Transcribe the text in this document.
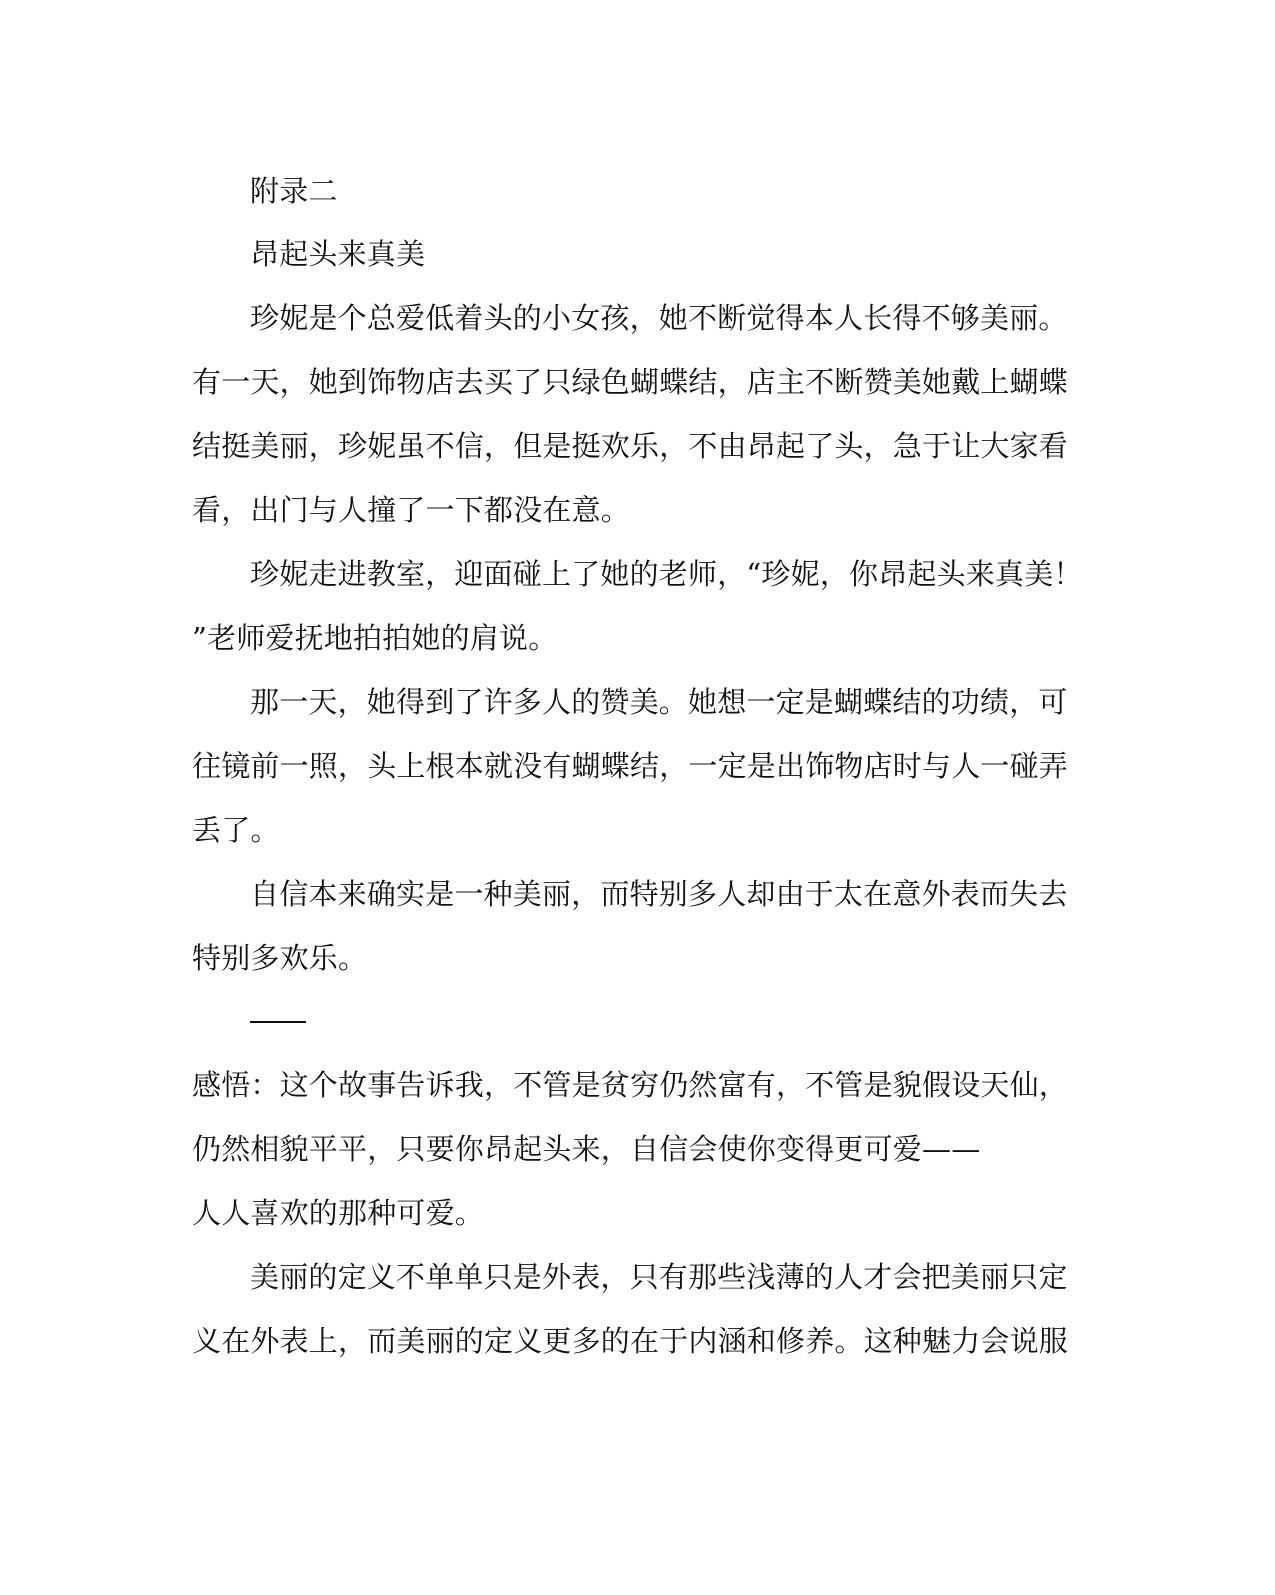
附录二
昂起头来真美
珍妮是个总爱低着头的小女孩，她不断觉得本人长得不够美丽。
有一天，她到饰物店去买了只绿色蝴蝶结，店主不断赞美她戴上蝴蝶
结挺美丽，珍妮虽不信，但是挺欢乐，不由昂起了头，急于让大家看
看，出门与人撞了一下都没在意。
珍妮走进教室，迎面碰上了她的老师，“珍妮，你昂起头来真美！
”老师爱抚地拍拍她的肩说。
那一天，她得到了许多人的赞美。她想一定是蝴蝶结的功绩，可
往镜前一照，头上根本就没有蝴蝶结，一定是出饰物店时与人一碰弄
丢了。
自信本来确实是一种美丽，而特别多人却由于太在意外表而失去
特别多欢乐。
感悟：这个故事告诉我，不管是贫穷仍然富有，不管是貌假设天仙，
仍然相貌平平，只要你昂起头来，自信会使你变得更可爱——
人人喜欢的那种可爱。
美丽的定义不单单只是外表，只有那些浅薄的人才会把美丽只定
义在外表上，而美丽的定义更多的在于内涵和修养。这种魅力会说服
